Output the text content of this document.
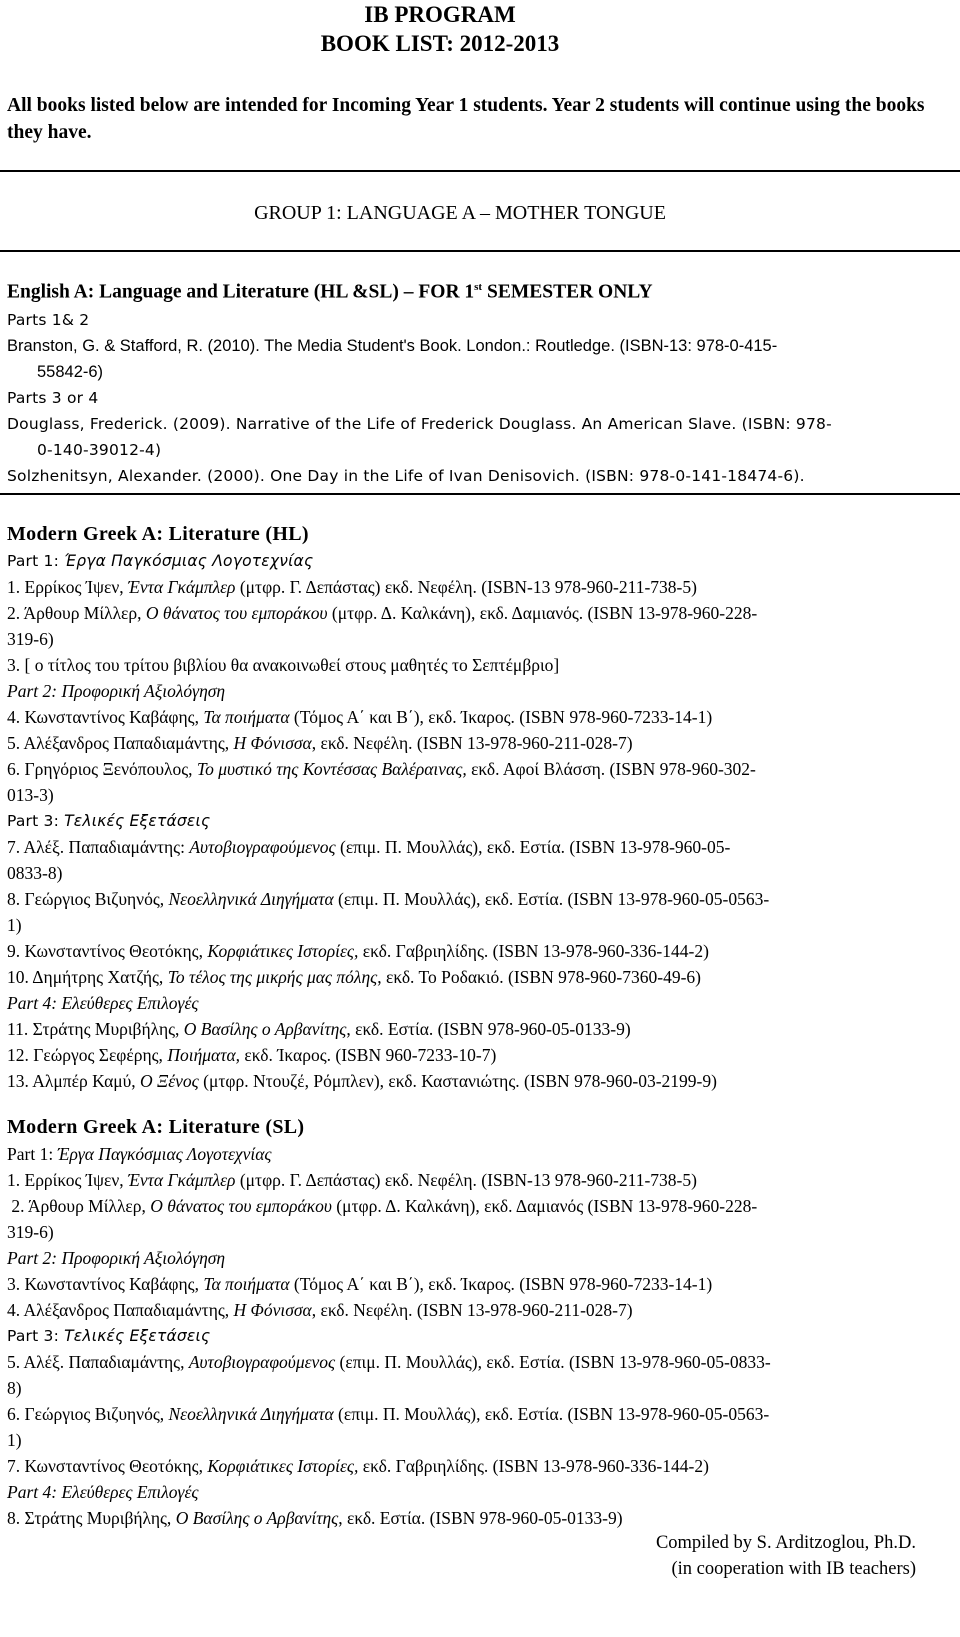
IB PROGRAM
BOOK LIST: 2012-2013
All books listed below are intended for Incoming Year 1 students. Year 2 students will continue using the books they have.
GROUP 1: LANGUAGE A – MOTHER TONGUE
English A: Language and Literature (HL &SL) – FOR 1st SEMESTER ONLY
Parts 1& 2
Branston, G. & Stafford, R. (2010). The Media Student's Book. London.: Routledge. (ISBN-13: 978-0-415-
55842-6)
Parts 3 or 4
Douglass, Frederick. (2009). Narrative of the Life of Frederick Douglass. An American Slave. (ISBN: 978-
0-140-39012-4)
Solzhenitsyn, Alexander. (2000). One Day in the Life of Ivan Denisovich. (ISBN: 978-0-141-18474-6).
Modern Greek A: Literature (HL)
Part 1: Έργα Παγκόσμιας Λογοτεχνίας
1. Ερρίκος Ίψεν, Έντα Γκάμπλερ (μτφρ. Γ. Δεπάστας) εκδ. Νεφέλη. (ISBN-13 978-960-211-738-5)
2. Άρθουρ Μίλλερ, Ο θάνατος του εμποράκου (μτφρ. Δ. Καλκάνη), εκδ. Δαμιανός. (ISBN 13-978-960-228-
319-6)
3. [ ο τίτλος του τρίτου βιβλίου θα ανακοινωθεί στους μαθητές το Σεπτέμβριο]
Part 2: Προφορική Αξιολόγηση
4. Κωνσταντίνος Καβάφης, Τα ποιήματα (Τόμος Α΄ και Β΄), εκδ. Ίκαρος. (ISBN 978-960-7233-14-1)
5. Αλέξανδρος Παπαδιαμάντης, Η Φόνισσα, εκδ. Νεφέλη. (ISBN 13-978-960-211-028-7)
6. Γρηγόριος Ξενόπουλος, Το μυστικό της Κοντέσσας Βαλέραινας, εκδ. Αφοί Βλάσση. (ISBN 978-960-302-
013-3)
Part 3: Τελικές Εξετάσεις
7. Αλέξ. Παπαδιαμάντης: Αυτοβιογραφούμενος (επιμ. Π. Μουλλάς), εκδ. Εστία. (ISBN 13-978-960-05-
0833-8)
8. Γεώργιος Βιζυηνός, Νεοελληνικά Διηγήματα (επιμ. Π. Μουλλάς), εκδ. Εστία. (ISBN 13-978-960-05-0563-
1)
9. Κωνσταντίνος Θεοτόκης, Κορφιάτικες Ιστορίες, εκδ. Γαβριηλίδης. (ISBN 13-978-960-336-144-2)
10. Δημήτρης Χατζής, Το τέλος της μικρής μας πόλης, εκδ. Το Ροδακιό. (ISBN 978-960-7360-49-6)
Part 4: Ελεύθερες Επιλογές
11. Στράτης Μυριβήλης, Ο Βασίλης ο Αρβανίτης, εκδ. Εστία. (ISBN 978-960-05-0133-9)
12. Γεώργος Σεφέρης, Ποιήματα, εκδ. Ίκαρος. (ISBN 960-7233-10-7)
13. Αλμπέρ Καμύ, Ο Ξένος (μτφρ. Ντουζέ, Ρόμπλεν), εκδ. Καστανιώτης. (ISBN 978-960-03-2199-9)
Modern Greek A: Literature (SL)
Part 1: Έργα Παγκόσμιας Λογοτεχνίας
1. Ερρίκος Ίψεν, Έντα Γκάμπλερ (μτφρ. Γ. Δεπάστας) εκδ. Νεφέλη. (ISBN-13 978-960-211-738-5)
2. Άρθουρ Μίλλερ, Ο θάνατος του εμποράκου (μτφρ. Δ. Καλκάνη), εκδ. Δαμιανός (ISBN 13-978-960-228-
319-6)
Part 2: Προφορική Αξιολόγηση
3. Κωνσταντίνος Καβάφης, Τα ποιήματα (Τόμος Α΄ και Β΄), εκδ. Ίκαρος. (ISBN 978-960-7233-14-1)
4. Αλέξανδρος Παπαδιαμάντης, Η Φόνισσα, εκδ. Νεφέλη. (ISBN 13-978-960-211-028-7)
Part 3: Τελικές Εξετάσεις
5. Αλέξ. Παπαδιαμάντης, Αυτοβιογραφούμενος (επιμ. Π. Μουλλάς), εκδ. Εστία. (ISBN 13-978-960-05-0833-
8)
6. Γεώργιος Βιζυηνός, Νεοελληνικά Διηγήματα (επιμ. Π. Μουλλάς), εκδ. Εστία. (ISBN 13-978-960-05-0563-
1)
7. Κωνσταντίνος Θεοτόκης, Κορφιάτικες Ιστορίες, εκδ. Γαβριηλίδης. (ISBN 13-978-960-336-144-2)
Part 4: Ελεύθερες Επιλογές
8. Στράτης Μυριβήλης, Ο Βασίλης ο Αρβανίτης, εκδ. Εστία. (ISBN 978-960-05-0133-9)
Compiled by S. Arditzoglou, Ph.D.
(in cooperation with IB teachers)
